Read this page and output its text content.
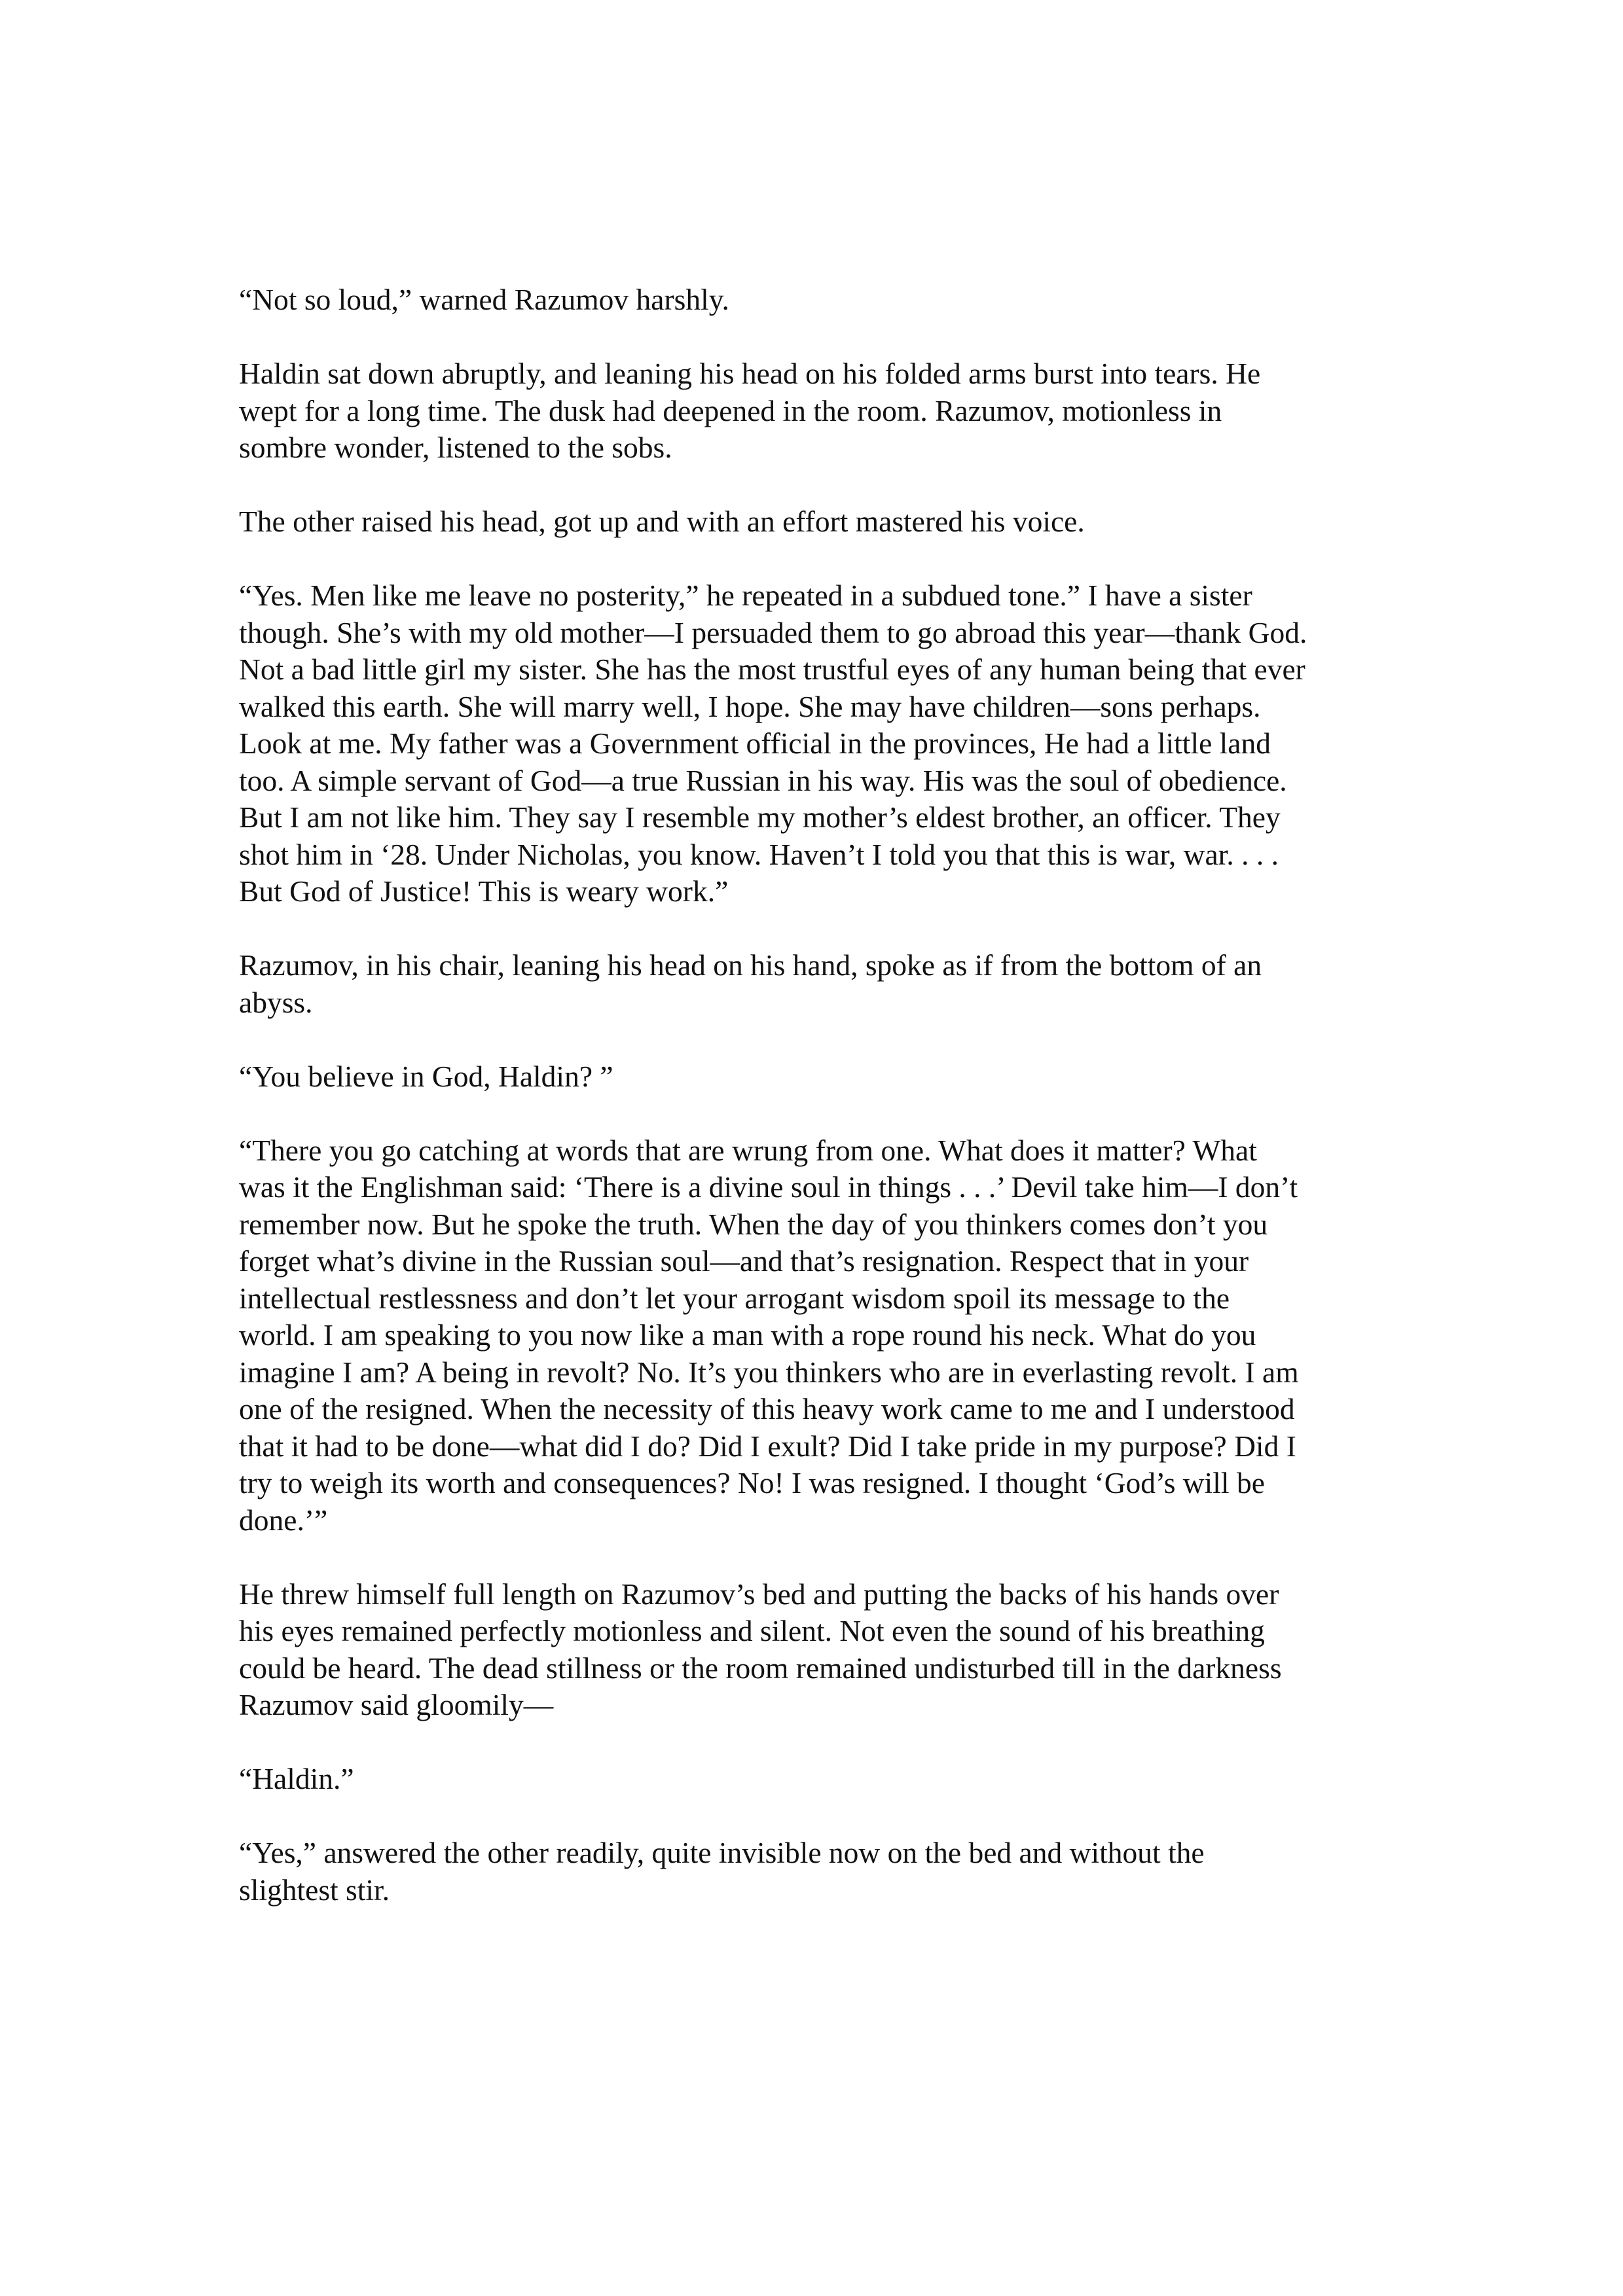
“Not so loud,” warned Razumov harshly.

Haldin sat down abruptly, and leaning his head on his folded arms burst into tears. He
wept for a long time. The dusk had deepened in the room. Razumov, motionless in
sombre wonder, listened to the sobs.

The other raised his head, got up and with an effort mastered his voice.

“Yes. Men like me leave no posterity,” he repeated in a subdued tone.” I have a sister
though. She’s with my old mother—I persuaded them to go abroad this year—thank God.
Not a bad little girl my sister. She has the most trustful eyes of any human being that ever
walked this earth. She will marry well, I hope. She may have children—sons perhaps.
Look at me. My father was a Government official in the provinces, He had a little land
too. A simple servant of God—a true Russian in his way. His was the soul of obedience.
But I am not like him. They say I resemble my mother’s eldest brother, an officer. They
shot him in ‘28. Under Nicholas, you know. Haven’t I told you that this is war, war. . . .
But God of Justice! This is weary work.”

Razumov, in his chair, leaning his head on his hand, spoke as if from the bottom of an
abyss.

“You believe in God, Haldin? ”

“There you go catching at words that are wrung from one. What does it matter? What
was it the Englishman said: ‘There is a divine soul in things . . .’ Devil take him—I don’t
remember now. But he spoke the truth. When the day of you thinkers comes don’t you
forget what’s divine in the Russian soul—and that’s resignation. Respect that in your
intellectual restlessness and don’t let your arrogant wisdom spoil its message to the
world. I am speaking to you now like a man with a rope round his neck. What do you
imagine I am? A being in revolt? No. It’s you thinkers who are in everlasting revolt. I am
one of the resigned. When the necessity of this heavy work came to me and I understood
that it had to be done—what did I do? Did I exult? Did I take pride in my purpose? Did I
try to weigh its worth and consequences? No! I was resigned. I thought ‘God’s will be
done.’”

He threw himself full length on Razumov’s bed and putting the backs of his hands over
his eyes remained perfectly motionless and silent. Not even the sound of his breathing
could be heard. The dead stillness or the room remained undisturbed till in the darkness
Razumov said gloomily—

“Haldin.”

“Yes,” answered the other readily, quite invisible now on the bed and without the
slightest stir.
